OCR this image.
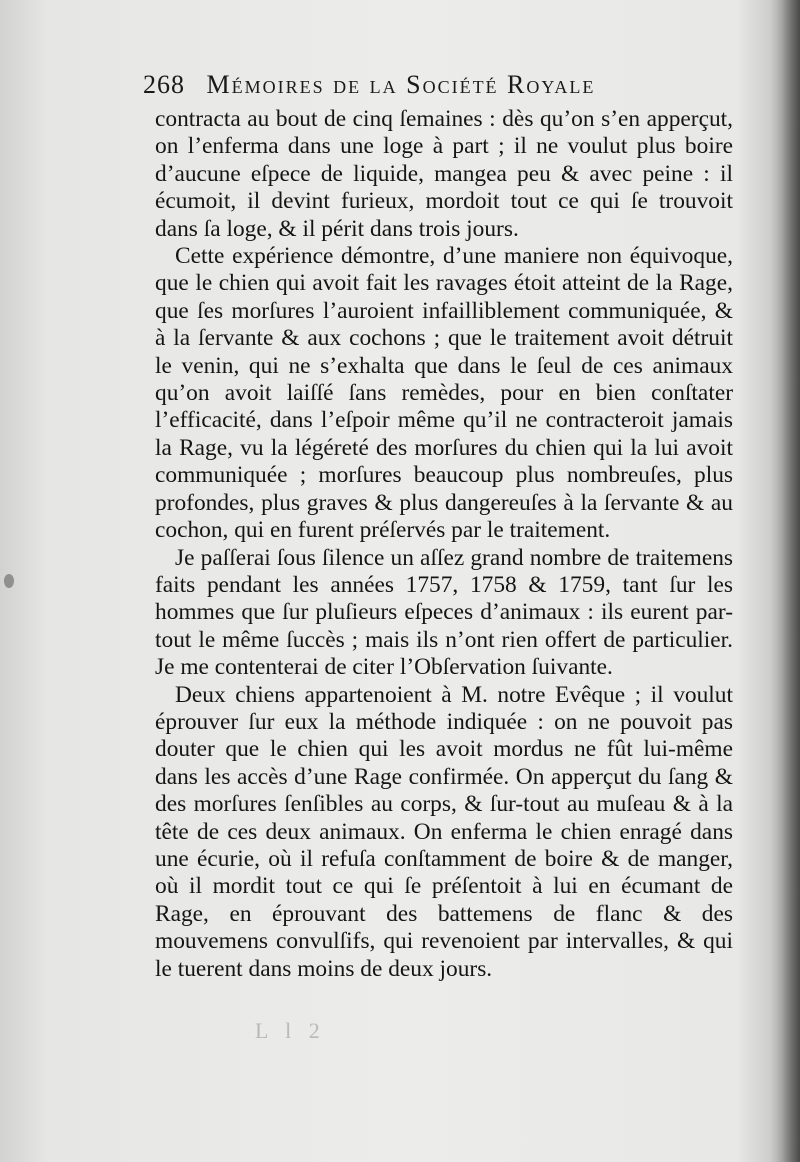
268 Mémoires de la Société Royale

contracta au bout de cinq ſemaines : dès qu’on s’en apperçut, on l’enferma dans une loge à part ; il ne voulut plus boire d’aucune eſpece de liquide, mangea peu & avec peine : il écumoit, il devint furieux, mordoit tout ce qui ſe trouvoit dans ſa loge, & il périt dans trois jours.

Cette expérience démontre, d’une maniere non équivoque, que le chien qui avoit fait les ravages étoit atteint de la Rage, que ſes morſures l’auroient infailliblement communiquée, & à la ſervante & aux cochons ; que le traitement avoit détruit le venin, qui ne s’exhalta que dans le ſeul de ces animaux qu’on avoit laiſſé ſans remèdes, pour en bien conſtater l’efficacité, dans l’eſpoir même qu’il ne contracteroit jamais la Rage, vu la légéreté des morſures du chien qui la lui avoit communiquée ; morſures beaucoup plus nombreuſes, plus profondes, plus graves & plus dangereuſes à la ſervante & au cochon, qui en furent préſervés par le traitement.

Je paſſerai ſous ſilence un aſſez grand nombre de traitemens faits pendant les années 1757, 1758 & 1759, tant ſur les hommes que ſur pluſieurs eſpeces d’animaux : ils eurent par-tout le même ſuccès ; mais ils n’ont rien offert de particulier. Je me contenterai de citer l’Obſervation ſuivante.

Deux chiens appartenoient à M. notre Evêque ; il voulut éprouver ſur eux la méthode indiquée : on ne pouvoit pas douter que le chien qui les avoit mordus ne fût lui-même dans les accès d’une Rage confirmée. On apperçut du ſang & des morſures ſenſibles au corps, & ſur-tout au muſeau & à la tête de ces deux animaux. On enferma le chien enragé dans une écurie, où il refuſa conſtamment de boire & de manger, où il mordit tout ce qui ſe préſentoit à lui en écumant de Rage, en éprouvant des battemens de flanc & des mouvemens convulſifs, qui revenoient par intervalles, & qui le tuerent dans moins de deux jours.

L l 2
